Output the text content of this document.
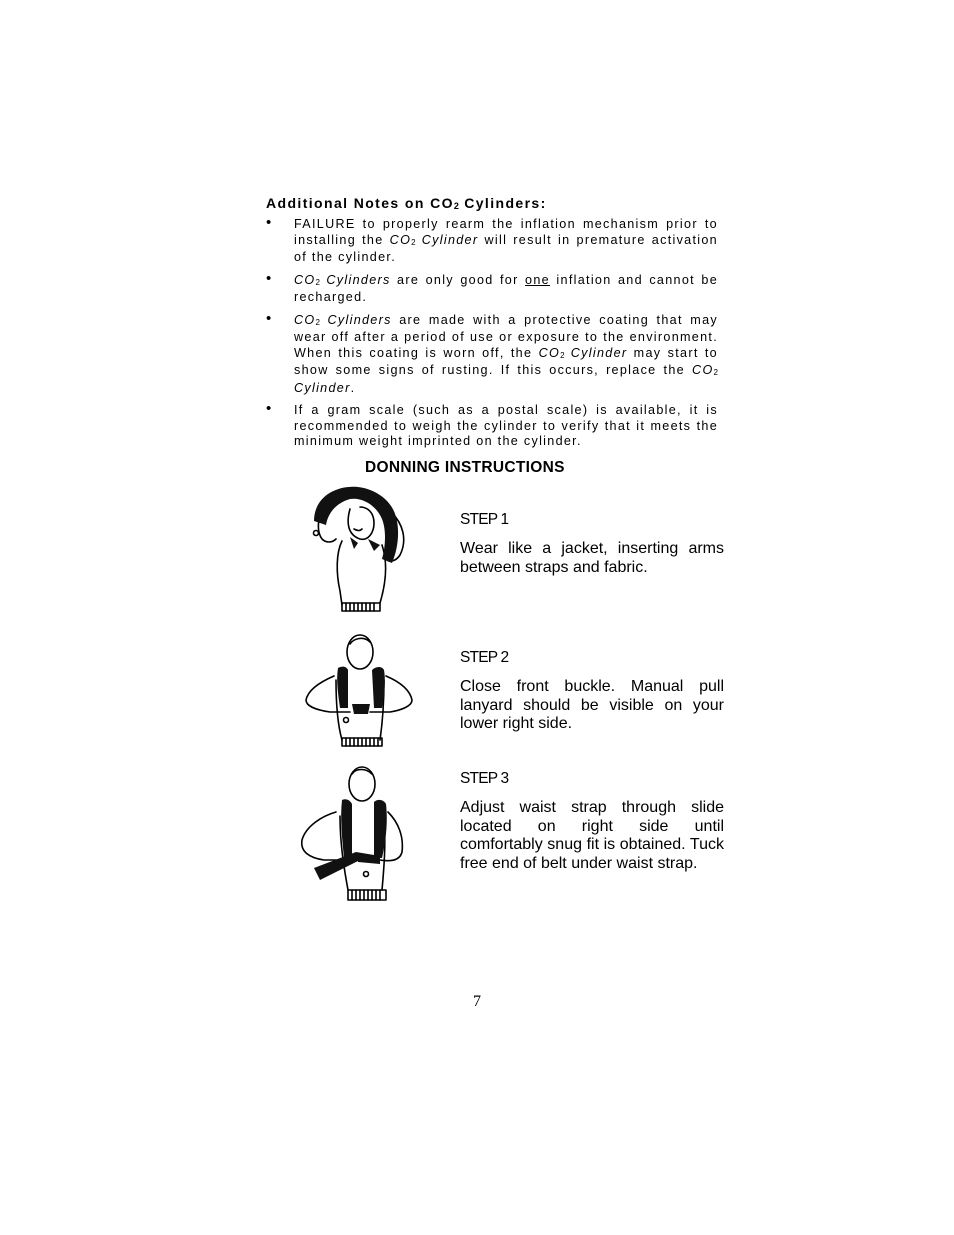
Additional Notes on $CO_2$ Cylinders:

• FAILURE to properly rearm the inflation mechanism prior to installing the CO2 Cylinder will result in premature activation of the cylinder.
• CO2 Cylinders are only good for one inflation and cannot be recharged.
• CO2 Cylinders are made with a protective coating that may wear off after a period of use or exposure to the environment. When this coating is worn off, the CO2 Cylinder may start to show some signs of rusting. If this occurs, replace the CO2 Cylinder.
• If a gram scale (such as a postal scale) is available, it is recommended to weigh the cylinder to verify that it meets the minimum weight imprinted on the cylinder.

DONNING INSTRUCTIONS

STEP 1

Wear like a jacket, inserting arms between straps and fabric.

STEP 2

Close front buckle. Manual pull lanyard should be visible on your lower right side.

STEP 3

Adjust waist strap through slide located on right side until comfortably snug fit is obtained. Tuck free end of belt under waist strap.

7
